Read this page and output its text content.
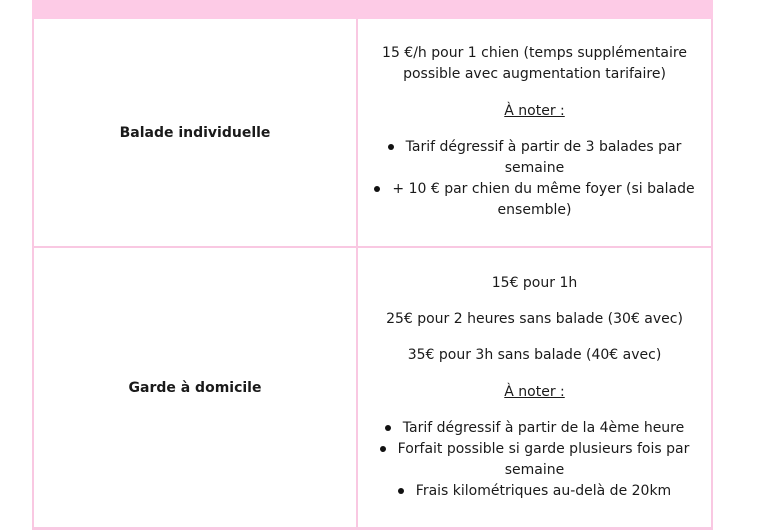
Balade individuelle
15 €/h pour 1 chien (temps supplémentaire
possible avec augmentation tarifaire)
À noter :
Tarif dégressif à partir de 3 balades par
semaine
+ 10 € par chien du même foyer (si balade
ensemble)
Garde à domicile
15€ pour 1h
25€ pour 2 heures sans balade (30€ avec)
35€ pour 3h sans balade (40€ avec)
À noter :
Tarif dégressif à partir de la 4ème heure
Forfait possible si garde plusieurs fois par
semaine
Frais kilométriques au-delà de 20km
